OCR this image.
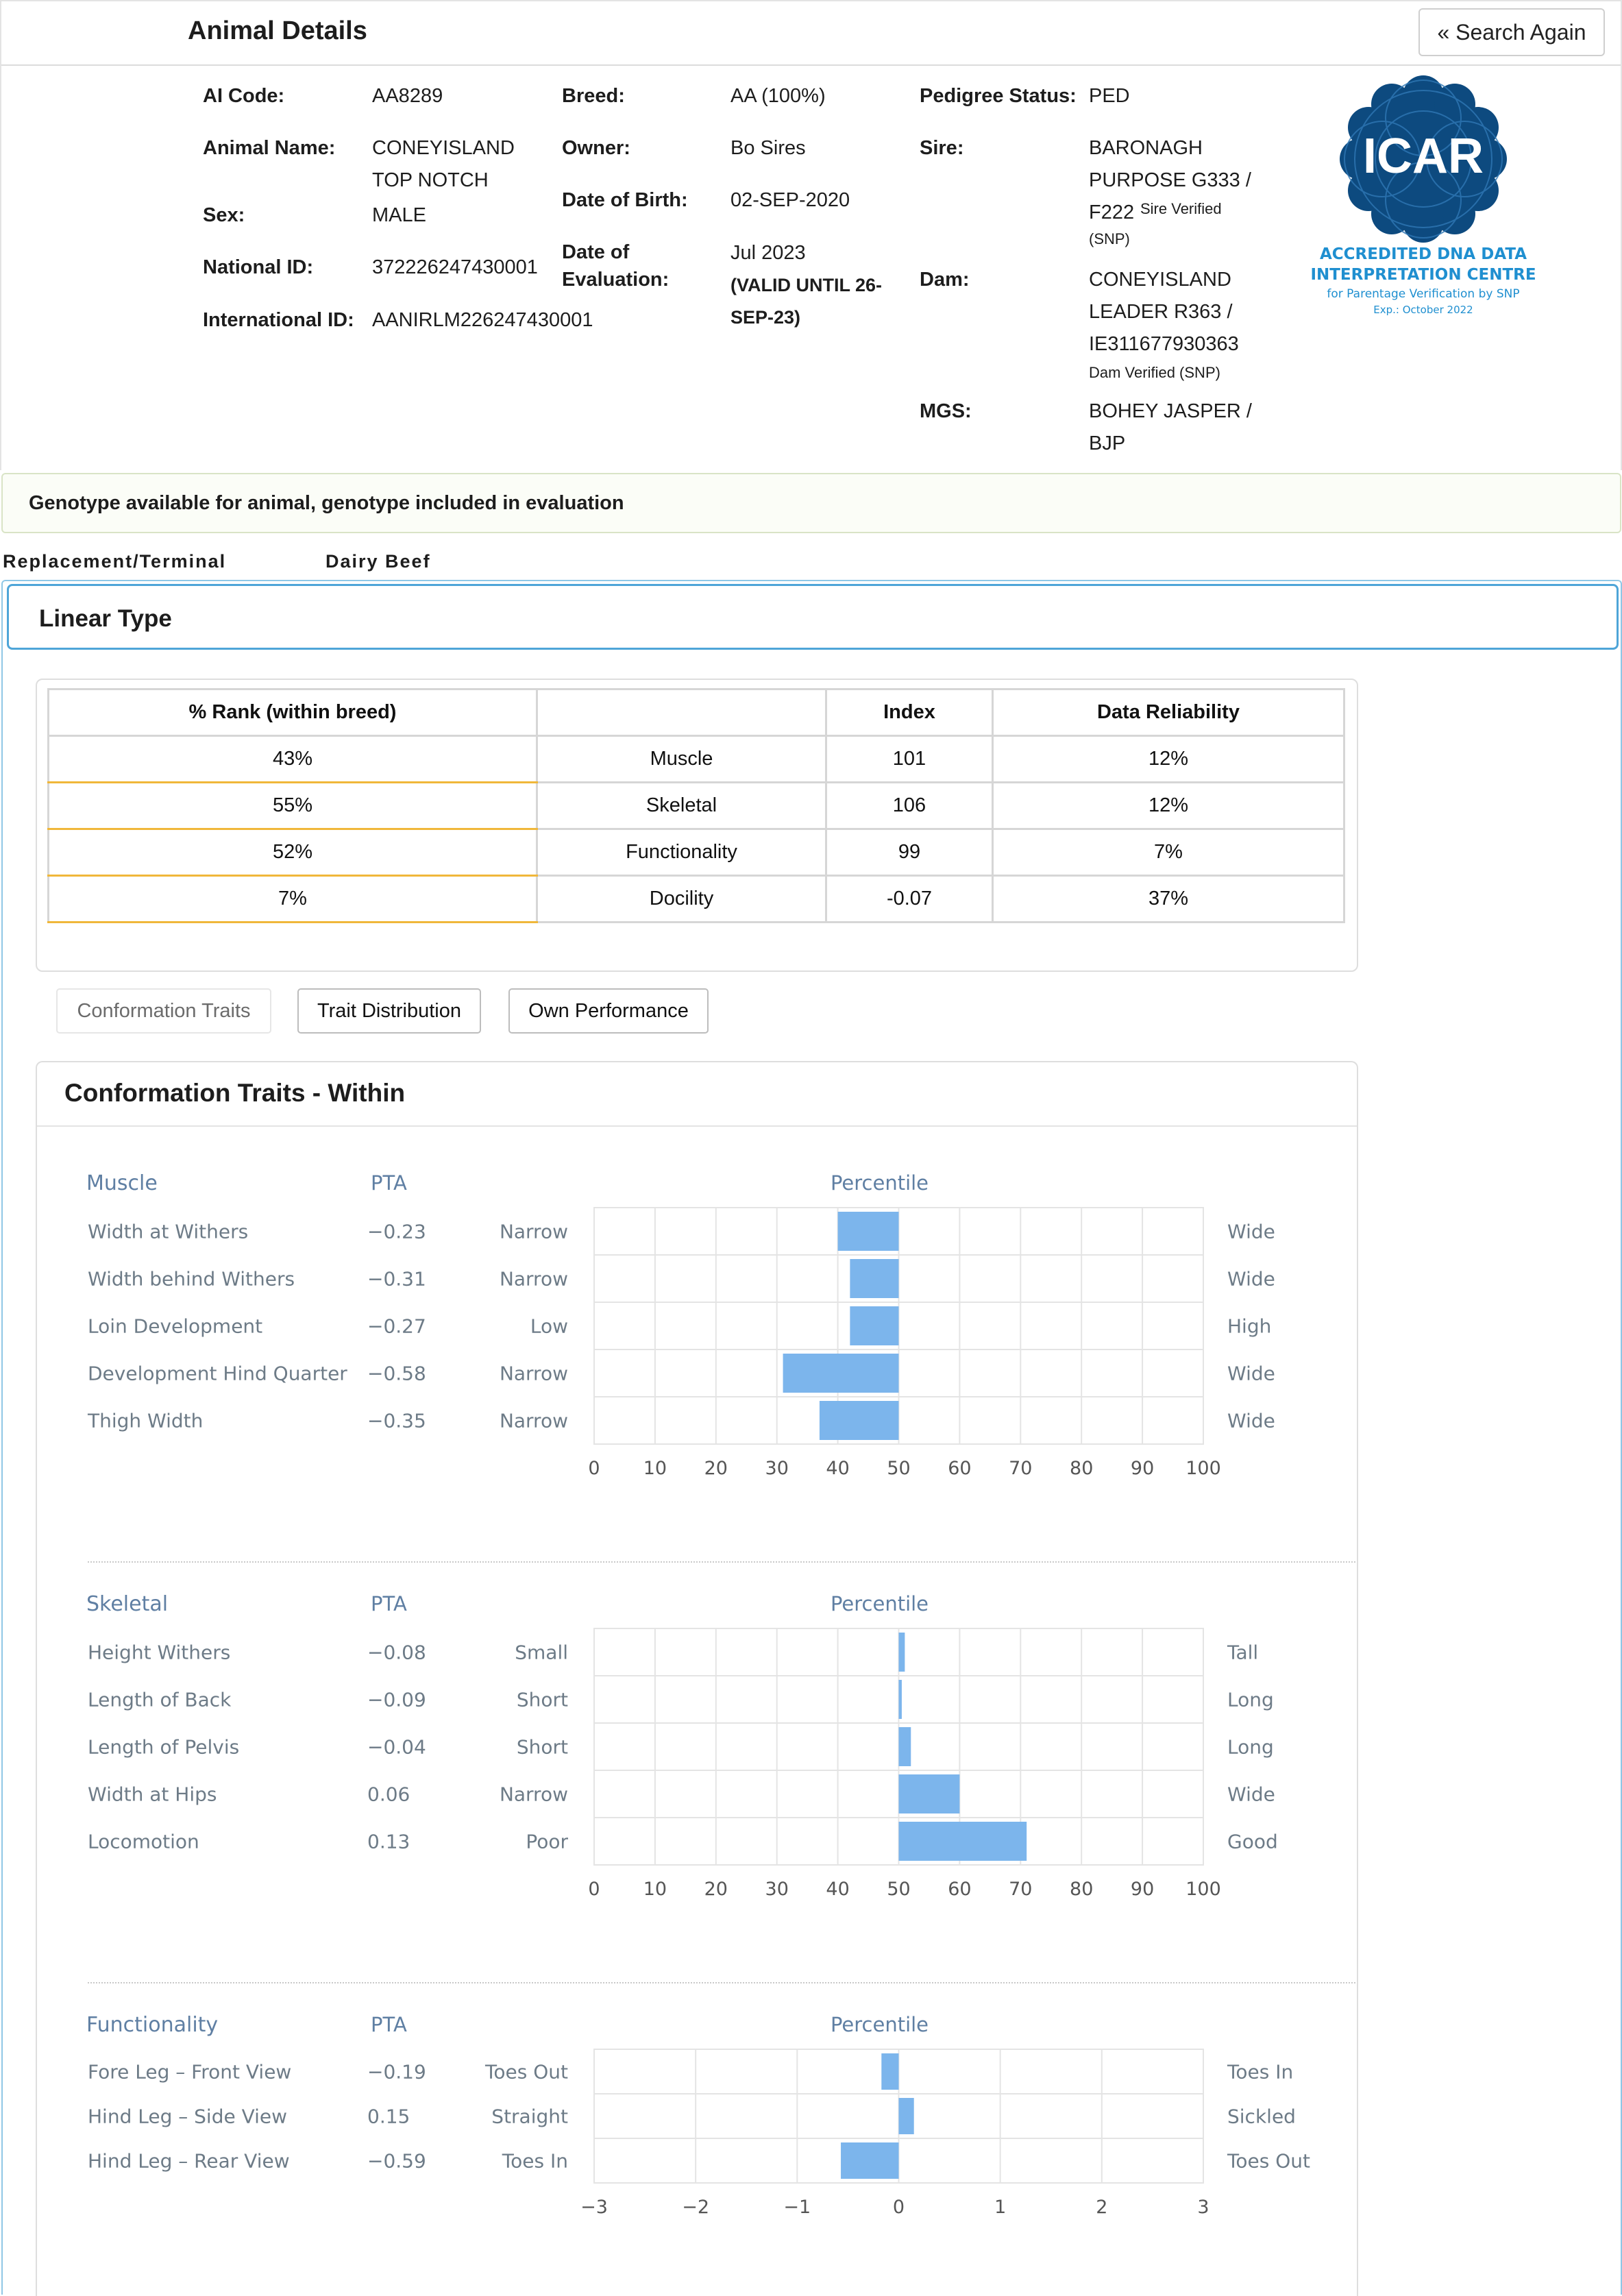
Animal Details	« Search Again
AI Code:	AA8289
Animal Name: CONEYISLAND
TOP NOTCH
Sex:	MALE
National ID:	372226247430001
International ID: AANIRLM226247430001
Breed:	AA (100%)
Owner:	Bo Sires
Date of Birth: 02-SEP-2020
Date of
Evaluation:
Jul 2023
(VALID UNTIL 26-
SEP-23)
Pedigree Status: PED
Sire:	BARONAGH
PURPOSE G333 /
F222 Sire Verified
(SNP)
Dam:	CONEYISLAND
LEADER R363 /
IE311677930363
Dam Verified (SNP)
MGS:	BOHEY JASPER /
BJP
ICAR
ACCREDITED DNA DATA
INTERPRETATION CENTRE
for Parentage Verification by SNP
Exp.: October 2022
Genotype available for animal, genotype included in evaluation
Replacement/Terminal	Dairy Beef
Linear Type
% Rank (within breed)		Index	Data Reliability
43%	Muscle	101	12%
55%	Skeletal	106	12%
52%	Functionality	99	7%
7%	Docility	-0.07	37%
Conformation Traits	Trait Distribution	Own Performance
Conformation Traits - Within
Muscle	PTA	Percentile
0 10 20 30 40 50 60 70 80 90 100
Width at Withers	−0.23	Narrow	Wide
Width behind Withers	−0.31	Narrow	Wide
Loin Development	−0.27	Low	High
Development Hind Quarter −0.58	Narrow	Wide
Thigh Width	−0.35	Narrow	Wide
Skeletal	PTA	Percentile
0 10 20 30 40 50 60 70 80 90 100
Height Withers	−0.08	Small	Tall
Length of Back	−0.09	Short	Long
Length of Pelvis	−0.04	Short	Long
Width at Hips	0.06	Narrow	Wide
Locomotion	0.13	Poor	Good
Functionality	PTA	Percentile
−3	−2	−1	0	1	2	3
Fore Leg – Front View	−0.19	Toes Out	Toes In
Hind Leg – Side View	0.15	Straight	Sickled
Hind Leg – Rear View	−0.59	Toes In	Toes Out
